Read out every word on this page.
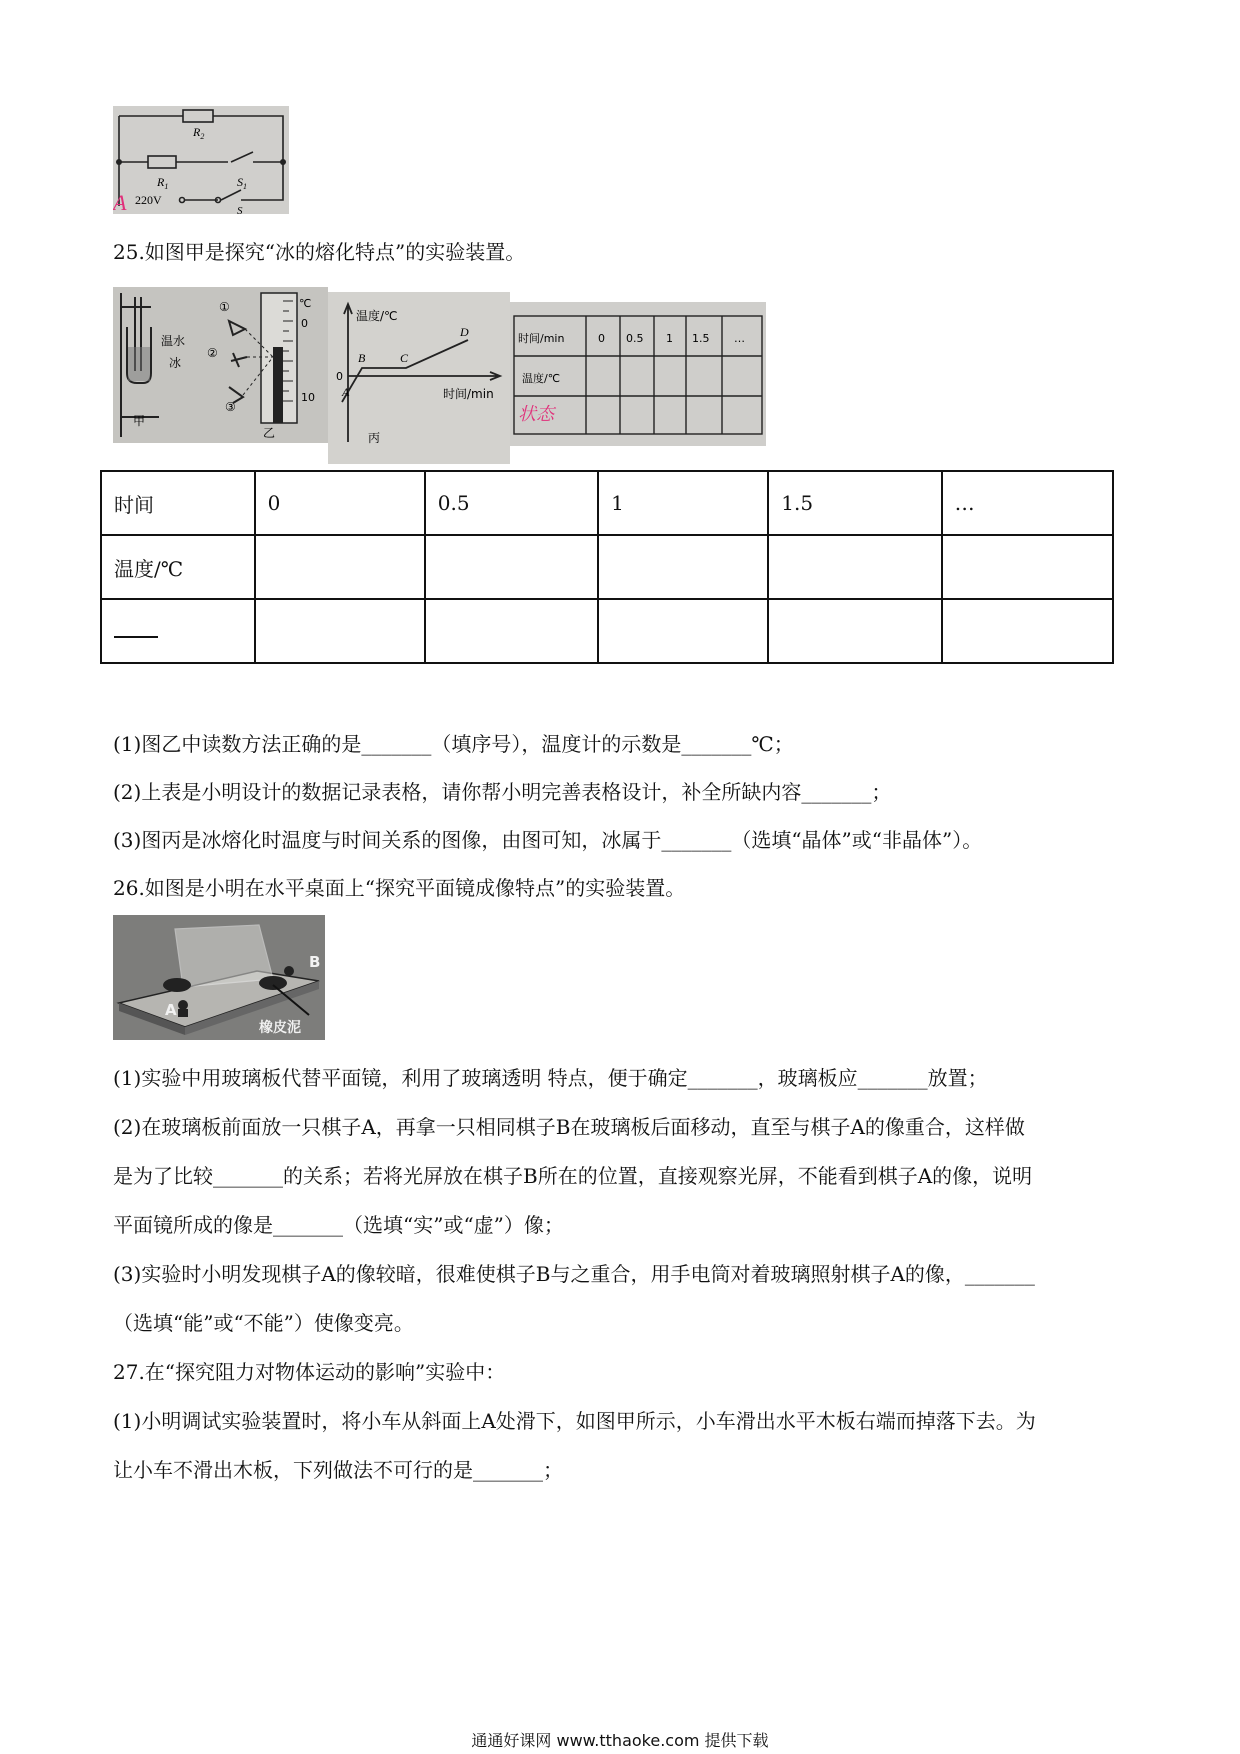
$R_2$
$R_1$	$S_1$
220V
S
A
25.如图甲是探究“冰的熔化特点”的实验装置。
温水
冰
甲
℃
0
10
①
②
③
乙
温度/℃
时间/min
0
A
B	C
D
丙
时间/min	0 0.5 1 1.5 …
温度/℃
状态
时间	0	0.5	1	1.5	…
温度/℃					

(1)图乙中读数方法正确的是_______（填序号），温度计的示数是_______℃；
(2)上表是小明设计的数据记录表格，请你帮小明完善表格设计，补全所缺内容_______；
(3)图丙是冰熔化时温度与时间关系的图像，由图可知，冰属于_______（选填“晶体”或“非晶体”）。
26.如图是小明在水平桌面上“探究平面镜成像特点”的实验装置。
A
B
橡皮泥
(1)实验中用玻璃板代替平面镜，利用了玻璃透明 特点，便于确定_______，玻璃板应_______放置；
(2)在玻璃板前面放一只棋子A，再拿一只相同棋子B在玻璃板后面移动，直至与棋子A的像重合，这样做
是为了比较_______的关系；若将光屏放在棋子B所在的位置，直接观察光屏，不能看到棋子A的像，说明
平面镜所成的像是_______（选填“实”或“虚”）像；
(3)实验时小明发现棋子A的像较暗，很难使棋子B与之重合，用手电筒对着玻璃照射棋子A的像，_______
（选填“能”或“不能”）使像变亮。
27.在“探究阻力对物体运动的影响”实验中：
(1)小明调试实验装置时，将小车从斜面上A处滑下，如图甲所示，小车滑出水平木板右端而掉落下去。为
让小车不滑出木板，下列做法不可行的是_______；
通通好课网 www.tthaoke.com 提供下载
